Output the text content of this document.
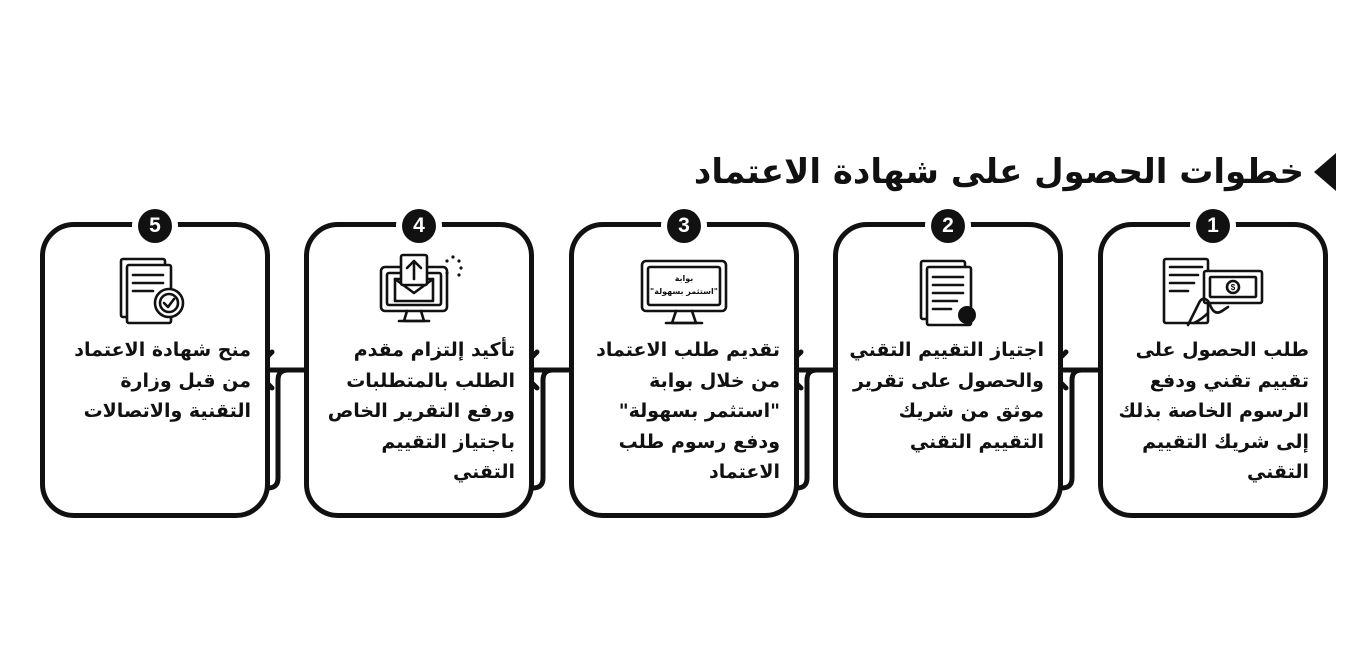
خطوات الحصول على شهادة الاعتماد
1
$
طلب الحصول على تقييم تقني ودفع الرسوم الخاصة بذلك إلى شريك التقييم التقني
2
اجتياز التقييم التقني والحصول على تقرير موثق من شريك التقييم التقني
3
بوابة
"استثمر بسهولة"
تقديم طلب الاعتماد من خلال بوابة "استثمر بسهولة" ودفع رسوم طلب الاعتماد
4
تأكيد إلتزام مقدم الطلب بالمتطلبات ورفع التقرير الخاص باجتياز التقييم التقني
5
منح شهادة الاعتماد من قبل وزارة التقنية والاتصالات
